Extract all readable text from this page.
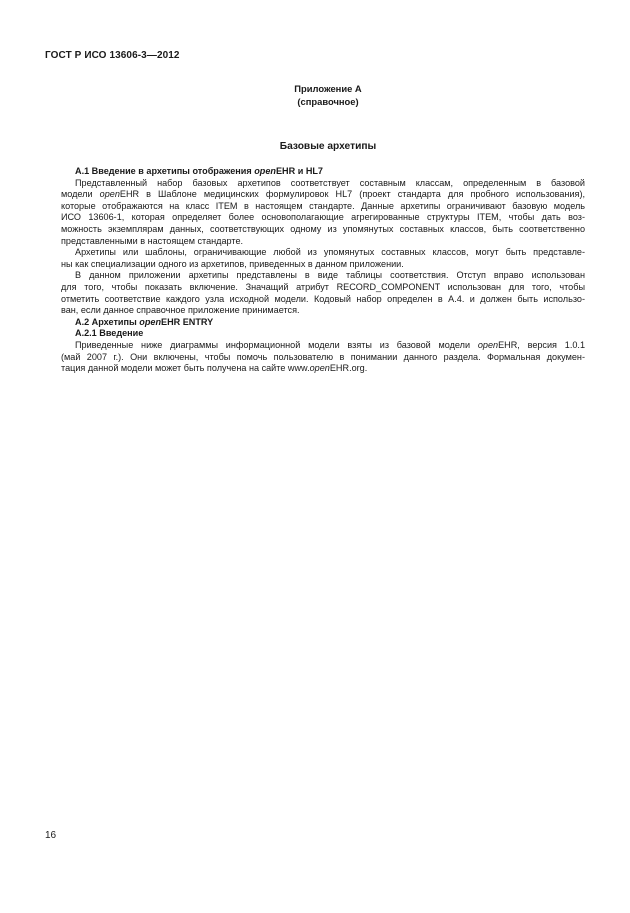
ГОСТ Р ИСО 13606-3—2012
Приложение А
(справочное)
Базовые архетипы
А.1 Введение в архетипы отображения openEHR и HL7
Представленный набор базовых архетипов соответствует составным классам, определенным в базовой
модели openEHR в Шаблоне медицинских формулировок HL7 (проект стандарта для пробного использования),
которые отображаются на класс ITEM в настоящем стандарте. Данные архетипы ограничивают базовую модель
ИСО 13606-1, которая определяет более основополагающие агрегированные структуры ITEM, чтобы дать воз-
можность экземплярам данных, соответствующих одному из упомянутых составных классов, быть соответственно
представленными в настоящем стандарте.
Архетипы или шаблоны, ограничивающие любой из упомянутых составных классов, могут быть представле-
ны как специализации одного из архетипов, приведенных в данном приложении.
В данном приложении архетипы представлены в виде таблицы соответствия. Отступ вправо использован
для того, чтобы показать включение. Значащий атрибут RECORD_COMPONENT использован для того, чтобы
отметить соответствие каждого узла исходной модели. Кодовый набор определен в А.4. и должен быть использо-
ван, если данное справочное приложение принимается.
А.2 Архетипы openEHR ENTRY
А.2.1 Введение
Приведенные ниже диаграммы информационной модели взяты из базовой модели openEHR, версия 1.0.1
(май 2007 г.). Они включены, чтобы помочь пользователю в понимании данного раздела. Формальная докумен-
тация данной модели может быть получена на сайте www.openEHR.org.
16
